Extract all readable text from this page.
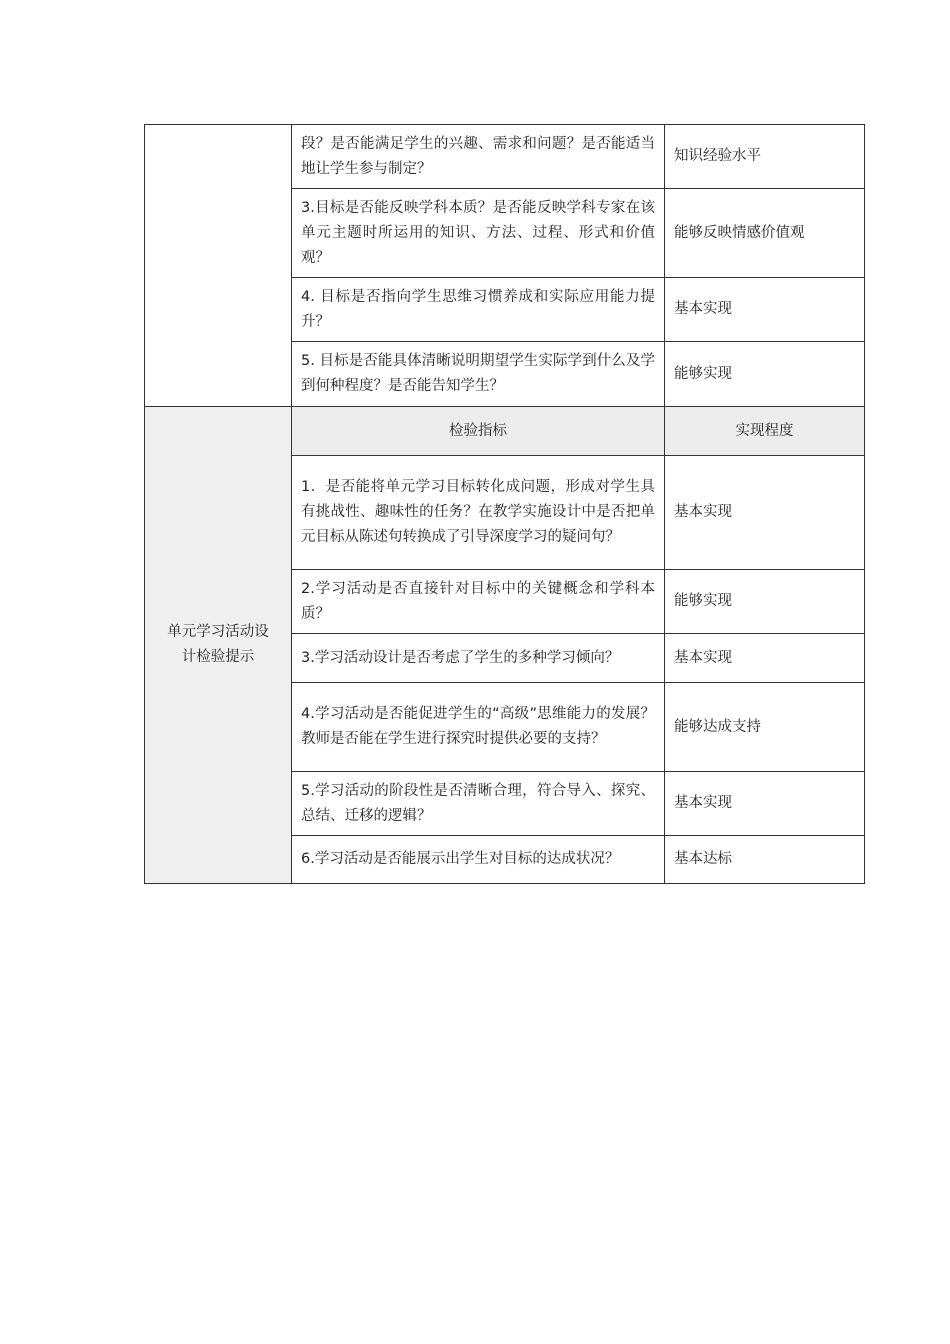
	段？是否能满足学生的兴趣、需求和问题？是否能适当地让学生参与制定？	知识经验水平
	3.目标是否能反映学科本质？是否能反映学科专家在该单元主题时所运用的知识、方法、过程、形式和价值观？	能够反映情感价值观
	4. 目标是否指向学生思维习惯养成和实际应用能力提升？	基本实现
	5. 目标是否能具体清晰说明期望学生实际学到什么及学到何种程度？是否能告知学生？	能够实现
单元学习活动设计检验提示	检验指标	实现程度
	1．是否能将单元学习目标转化成问题，形成对学生具有挑战性、趣味性的任务？在教学实施设计中是否把单元目标从陈述句转换成了引导深度学习的疑问句？	基本实现
	2.学习活动是否直接针对目标中的关键概念和学科本质？	能够实现
	3.学习活动设计是否考虑了学生的多种学习倾向？	基本实现
	4.学习活动是否能促进学生的“高级”思维能力的发展？教师是否能在学生进行探究时提供必要的支持？	能够达成支持
	5.学习活动的阶段性是否清晰合理，符合导入、探究、总结、迁移的逻辑？	基本实现
	6.学习活动是否能展示出学生对目标的达成状况？	基本达标
